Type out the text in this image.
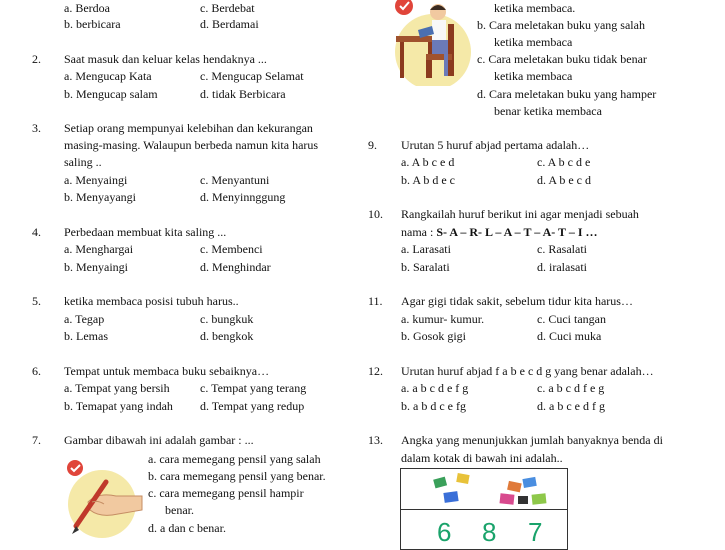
a. Berdoa	c. Berdebat
b. berbicara	d. Berdamai
ketika membaca.
b. Cara meletakan buku yang salah
ketika membaca
c. Cara meletakan buku tidak benar
ketika membaca
d. Cara meletakan buku yang hamper
benar ketika membaca
2. Saat masuk dan keluar kelas hendaknya ...
a. Mengucap Kata	c. Mengucap Selamat
b. Mengucap salam	d. tidak Berbicara
3. Setiap orang mempunyai kelebihan dan kekurangan
masing-masing. Walaupun berbeda namun kita harus
saling ..
a. Menyaingi	c. Menyantuni
b. Menyayangi	d. Menyinnggung
9. Urutan 5 huruf abjad pertama adalah…
a. A b c e d	c. A b c d e
b. A b d e c	d. A b e c d
10. Rangkailah huruf berikut ini agar menjadi sebuah
nama : S- A – R- L – A – T – A- T – I …
a. Larasati	c. Rasalati
b. Saralati	d. iralasati
4. Perbedaan membuat kita saling ...
a. Menghargai	c. Membenci
b. Menyaingi	d. Menghindar
5. ketika membaca posisi tubuh harus..
a. Tegap	c. bungkuk
b. Lemas	d. bengkok
11. Agar gigi tidak sakit, sebelum tidur kita harus…
a. kumur- kumur.	c. Cuci tangan
b. Gosok gigi	d. Cuci muka
6. Tempat untuk membaca buku sebaiknya…
a. Tempat yang bersih	c. Tempat yang terang
b. Temapat yang indah d. Tempat yang redup
12. Urutan huruf abjad f a b e c d g yang benar adalah…
a. a b c d e f g	c. a b c d f e g
b. a b d c e fg	d. a b c e d f g
7. Gambar dibawah ini adalah gambar : ...
a. cara memegang pensil yang salah
b. cara memegang pensil yang benar.
c. cara memegang pensil hampir
benar.
d. a dan c benar.
13. Angka yang menunjukkan jumlah banyaknya benda di
dalam kotak di bawah ini adalah..
6 8 7
